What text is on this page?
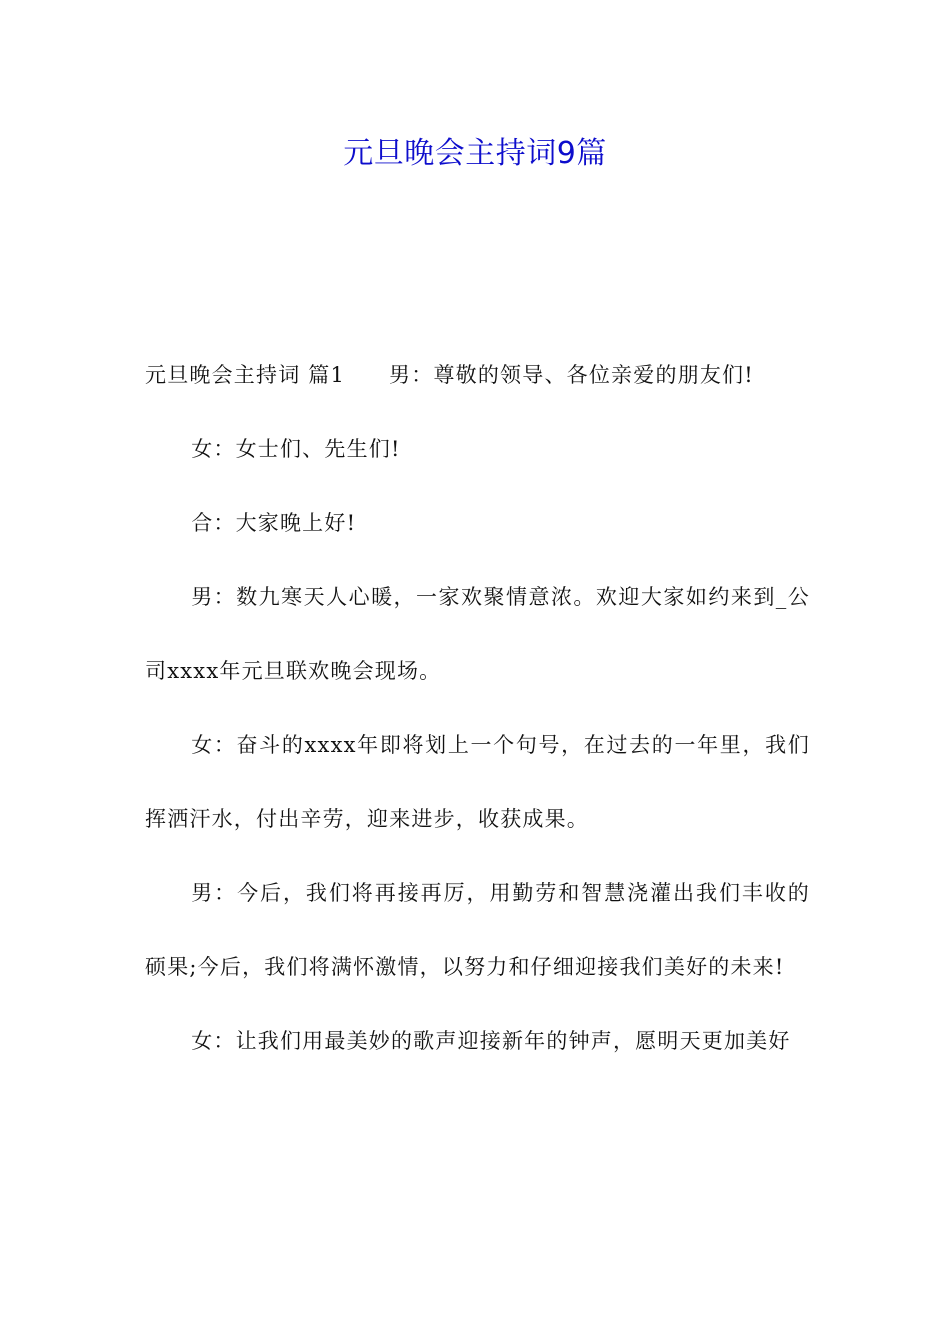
元旦晚会主持词9篇

元旦晚会主持词 篇1 男：尊敬的领导、各位亲爱的朋友们!

女：女士们、先生们!

合：大家晚上好!

男：数九寒天人心暖，一家欢聚情意浓。欢迎大家如约来到_公司xxxx年元旦联欢晚会现场。

女：奋斗的xxxx年即将划上一个句号，在过去的一年里，我们挥洒汗水，付出辛劳，迎来进步，收获成果。

男：今后，我们将再接再厉，用勤劳和智慧浇灌出我们丰收的硕果;今后，我们将满怀激情，以努力和仔细迎接我们美好的未来!

女：让我们用最美妙的歌声迎接新年的钟声，愿明天更加美好
